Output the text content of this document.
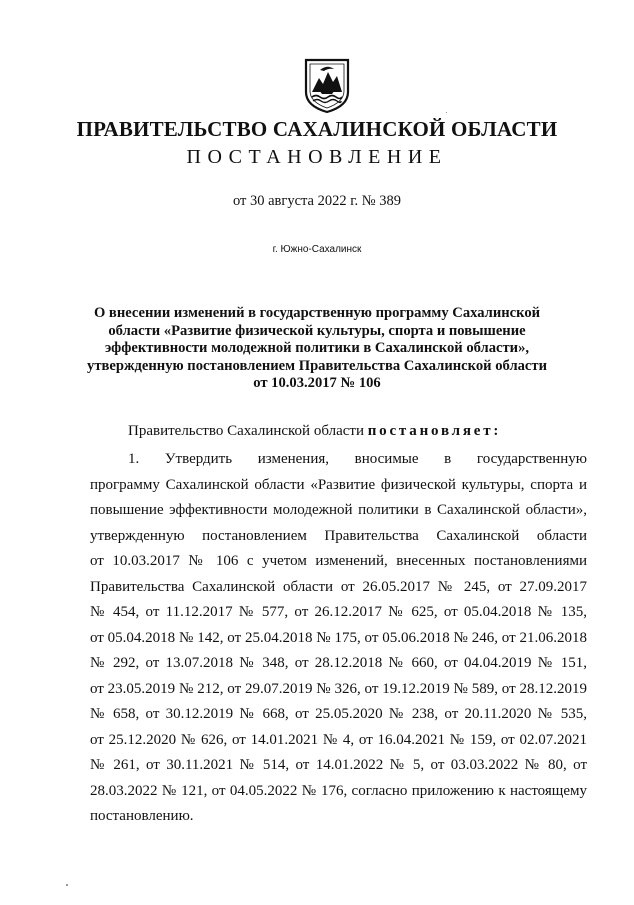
ПРАВИТЕЛЬСТВО САХАЛИНСКОЙ ОБЛАСТИ
ПОСТАНОВЛЕНИЕ
от 30 августа 2022 г. № 389
г. Южно-Сахалинск
О внесении изменений в государственную программу Сахалинской
области «Развитие физической культуры, спорта и повышение
эффективности молодежной политики в Сахалинской области»,
утвержденную постановлением Правительства Сахалинской области
от 10.03.2017 № 106
Правительство Сахалинской области постановляет:
1. Утвердить изменения, вносимые в государственную
программу Сахалинской области «Развитие физической культуры, спорта и
повышение эффективности молодежной политики в Сахалинской области»,
утвержденную постановлением Правительства Сахалинской области
от 10.03.2017 № 106 с учетом изменений, внесенных постановлениями
Правительства Сахалинской области от 26.05.2017 № 245, от 27.09.2017
№ 454, от 11.12.2017 № 577, от 26.12.2017 № 625, от 05.04.2018 № 135,
от 05.04.2018 № 142, от 25.04.2018 № 175, от 05.06.2018 № 246, от 21.06.2018
№ 292, от 13.07.2018 № 348, от 28.12.2018 № 660, от 04.04.2019 № 151,
от 23.05.2019 № 212, от 29.07.2019 № 326, от 19.12.2019 № 589, от 28.12.2019
№ 658, от 30.12.2019 № 668, от 25.05.2020 № 238, от 20.11.2020 № 535,
от 25.12.2020 № 626, от 14.01.2021 № 4, от 16.04.2021 № 159, от 02.07.2021
№ 261, от 30.11.2021 № 514, от 14.01.2022 № 5, от 03.03.2022 № 80, от
28.03.2022 № 121, от 04.05.2022 № 176, согласно приложению к настоящему
постановлению.
